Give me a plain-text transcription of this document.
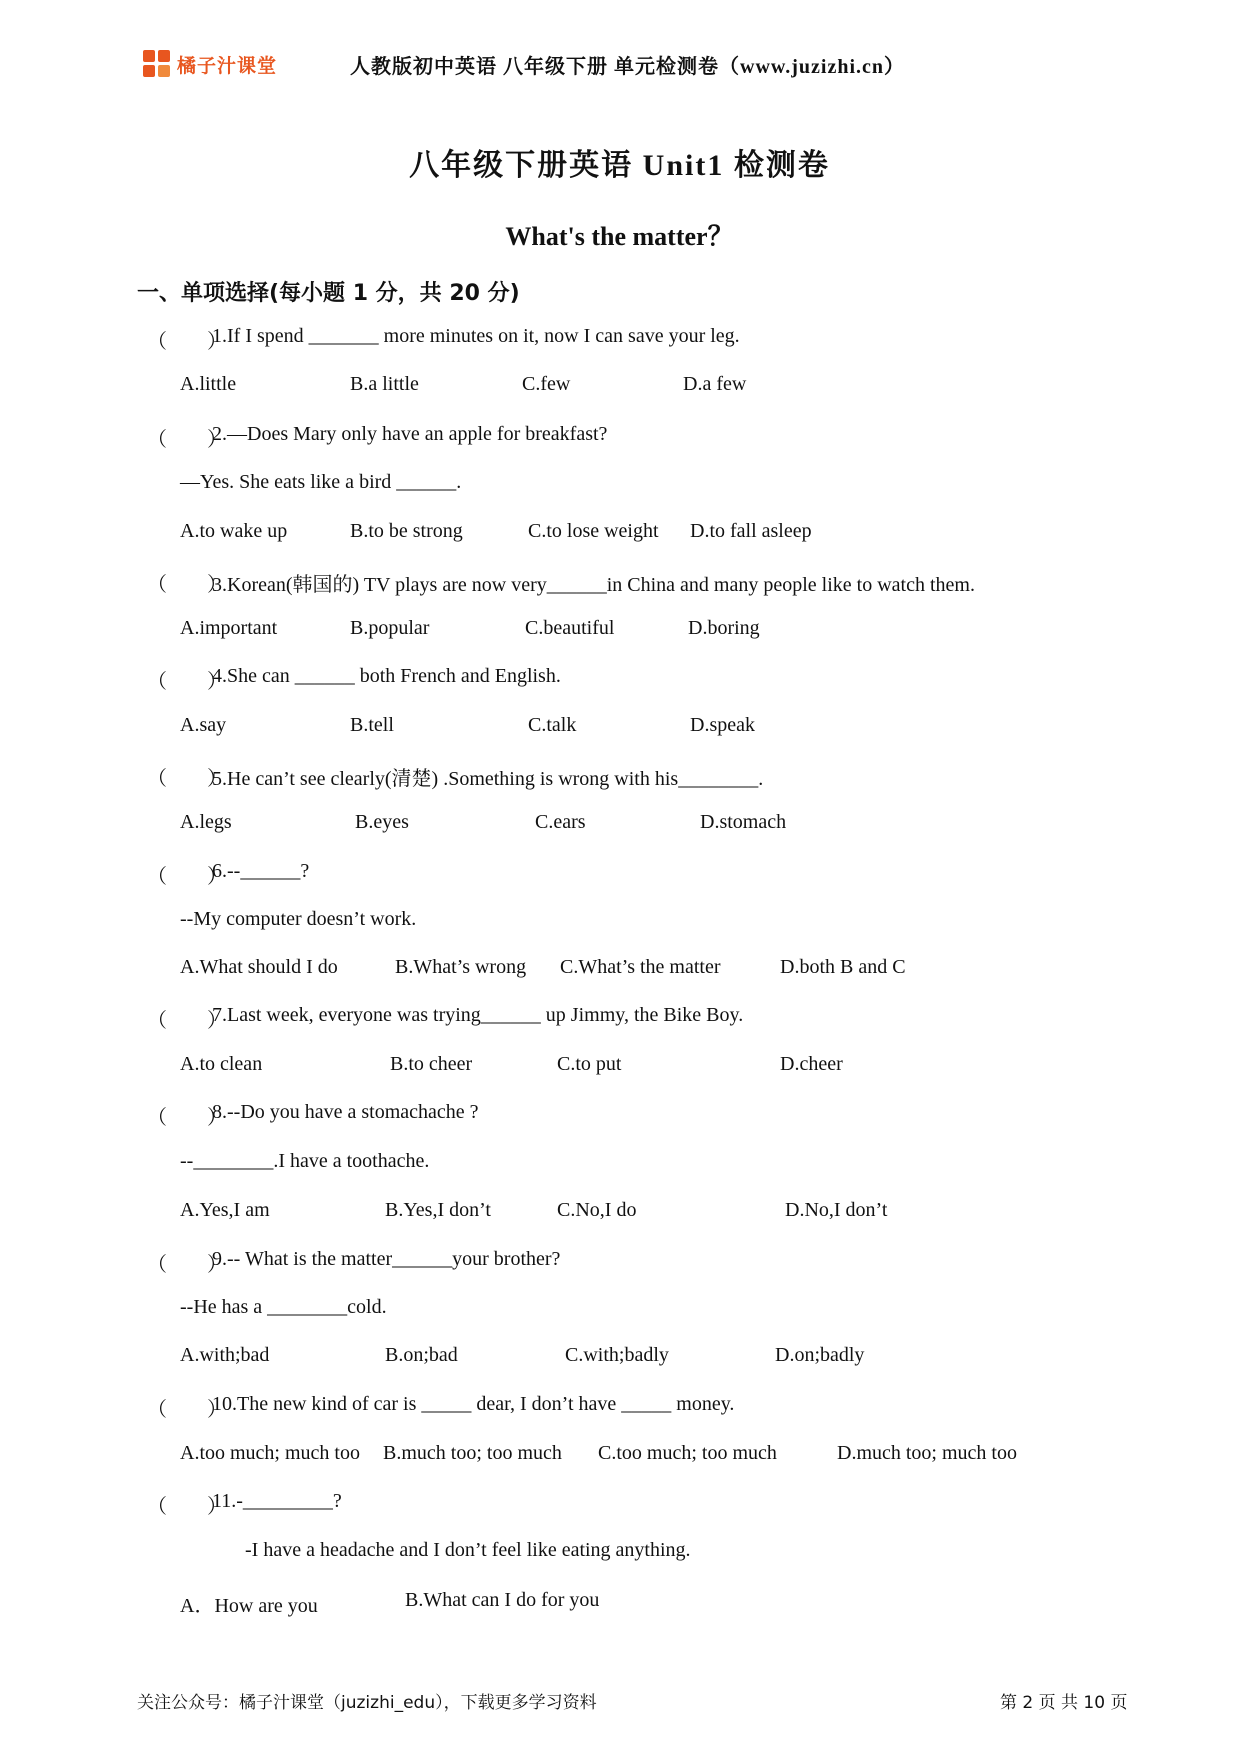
橘子汁课堂	人教版初中英语 八年级下册 单元检测卷（www.juzizhi.cn）
八年级下册英语 Unit1 检测卷
What's the matter？
一、单项选择(每小题 1 分，共 20 分)
（　　）
1.If I spend _______ more minutes on it, now I can save your leg.
A.little	B.a little	C.few	D.a few
（　　）
2.—Does Mary only have an apple for breakfast?
—Yes. She eats like a bird ______.
A.to wake up	B.to be strong	C.to lose weight D.to fall asleep
（　　）
3.Korean(韩国的) TV plays are now very______in China and many people like to watch them.
A.important	B.popular	C.beautiful	D.boring
（　　）
4.She can ______ both French and English.
A.say	B.tell	C.talk	D.speak
（　　）
5.He can’t see clearly(清楚) .Something is wrong with his________.
A.legs	B.eyes	C.ears	D.stomach
（　　）
6.--______?
--My computer doesn’t work.
A.What should I do	B.What’s wrong C.What’s the matter	D.both B and C
（　　）
7.Last week, everyone was trying______ up Jimmy, the Bike Boy.
A.to clean	B.to cheer	C.to put	D.cheer
（　　）
8.--Do you have a stomachache ?
--________.I have a toothache.
A.Yes,I am	B.Yes,I don’t	C.No,I do	D.No,I don’t
（　　）
9.-- What is the matter______your brother?
--He has a ________cold.
A.with;bad	B.on;bad	C.with;badly	D.on;badly
（　　）
10.The new kind of car is _____ dear, I don’t have _____ money.
A.too much; much too B.much too; too much C.too much; too much	D.much too; much too
（　　）
11.-_________?
-I have a headache and I don’t feel like eating anything.
A．How are you	B.What can I do for you
关注公众号：橘子汁课堂（juzizhi_edu），下载更多学习资料	第 2 页 共 10 页
